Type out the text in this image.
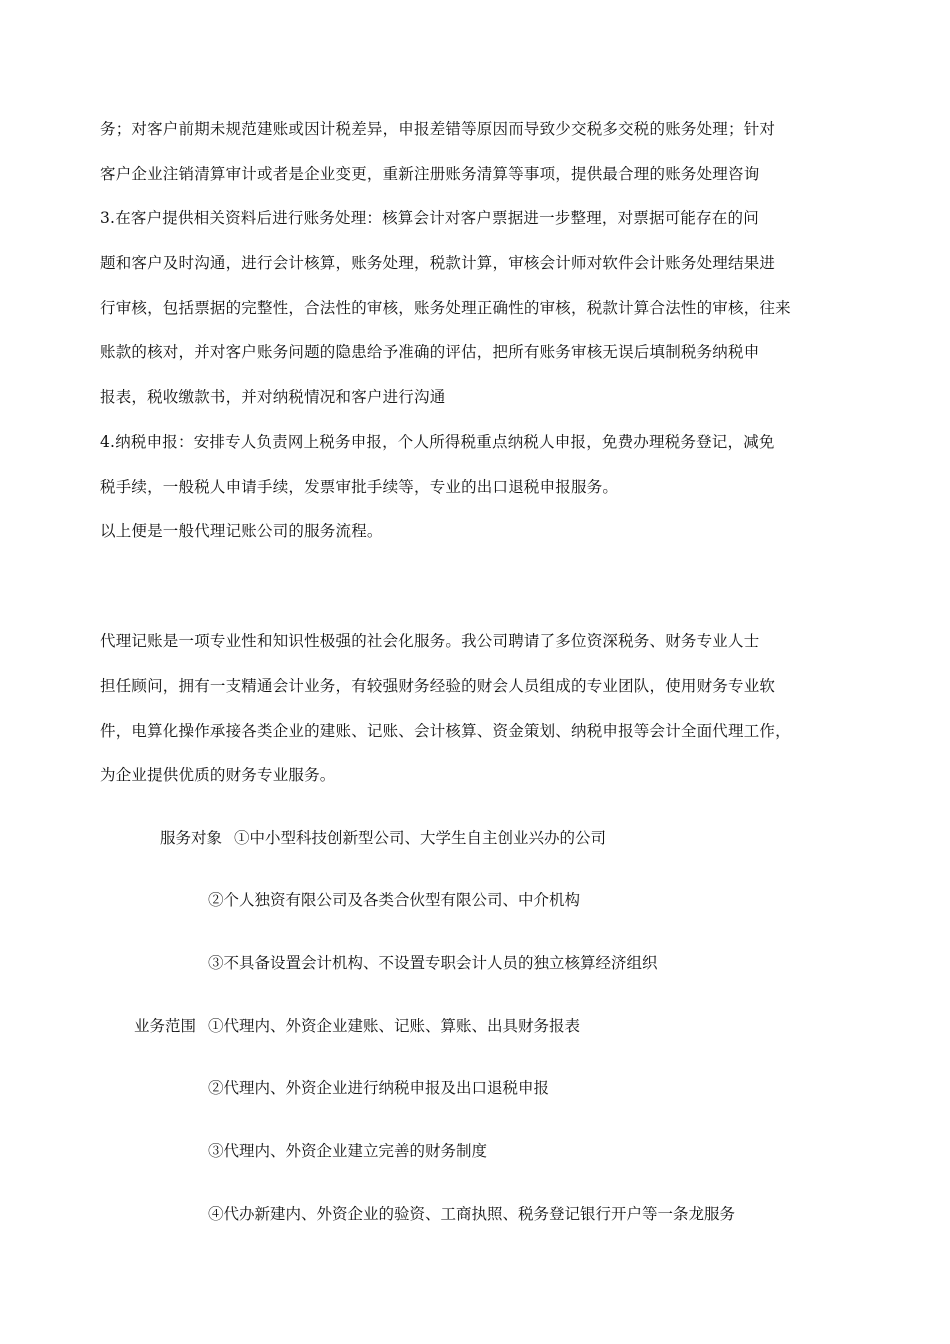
务；对客户前期未规范建账或因计税差异，申报差错等原因而导致少交税多交税的账务处理；针对
客户企业注销清算审计或者是企业变更，重新注册账务清算等事项，提供最合理的账务处理咨询
3.在客户提供相关资料后进行账务处理：核算会计对客户票据进一步整理，对票据可能存在的问
题和客户及时沟通，进行会计核算，账务处理，税款计算，审核会计师对软件会计账务处理结果进
行审核，包括票据的完整性，合法性的审核，账务处理正确性的审核，税款计算合法性的审核，往来
账款的核对，并对客户账务问题的隐患给予准确的评估，把所有账务审核无误后填制税务纳税申
报表，税收缴款书，并对纳税情况和客户进行沟通
4.纳税申报：安排专人负责网上税务申报，个人所得税重点纳税人申报，免费办理税务登记，减免
税手续，一般税人申请手续，发票审批手续等，专业的出口退税申报服务。
以上便是一般代理记账公司的服务流程。
代理记账是一项专业性和知识性极强的社会化服务。我公司聘请了多位资深税务、财务专业人士
担任顾问，拥有一支精通会计业务，有较强财务经验的财会人员组成的专业团队，使用财务专业软
件，电算化操作承接各类企业的建账、记账、会计核算、资金策划、纳税申报等会计全面代理工作，
为企业提供优质的财务专业服务。
服务对象 ①中小型科技创新型公司、大学生自主创业兴办的公司
②个人独资有限公司及各类合伙型有限公司、中介机构
③不具备设置会计机构、不设置专职会计人员的独立核算经济组织
业务范围 ①代理内、外资企业建账、记账、算账、出具财务报表
②代理内、外资企业进行纳税申报及出口退税申报
③代理内、外资企业建立完善的财务制度
④代办新建内、外资企业的验资、工商执照、税务登记银行开户等一条龙服务
